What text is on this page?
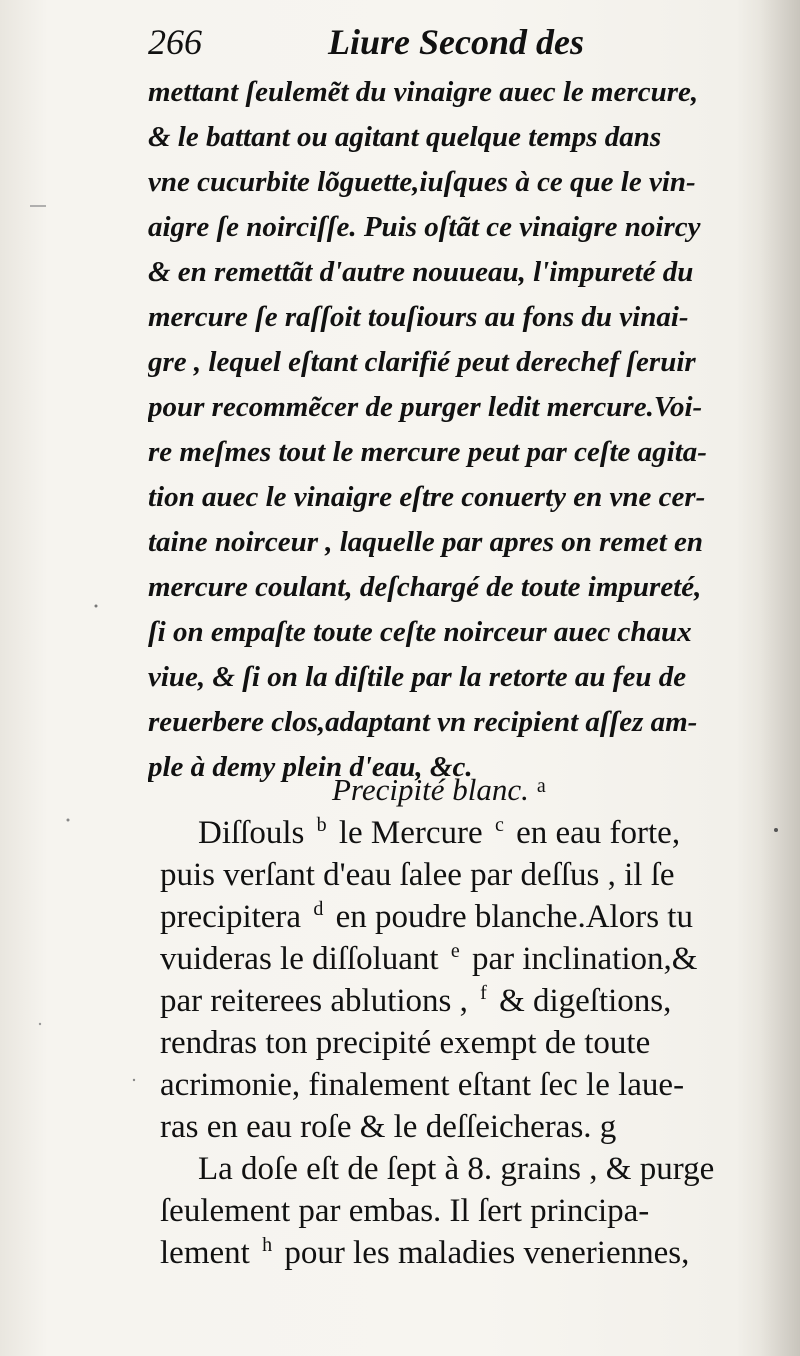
266	Liure Second des
mettant ſeulemẽt du vinaigre auec le mercure,
& le battant ou agitant quelque temps dans
vne cucurbite lõguette,iuſques à ce que le vin-
aigre ſe noirciſſe. Puis oſtãt ce vinaigre noircy
& en remettãt d'autre nouueau, l'impureté du
mercure ſe raſſoit touſiours au fons du vinai-
gre , lequel eſtant clarifié peut derechef ſeruir
pour recommẽcer de purger ledit mercure.Voi-
re meſmes tout le mercure peut par ceſte agita-
tion auec le vinaigre eſtre conuerty en vne cer-
taine noirceur , laquelle par apres on remet en
mercure coulant, deſchargé de toute impureté,
ſi on empaſte toute ceſte noirceur auec chaux
viue, & ſi on la diſtile par la retorte au feu de
reuerbere clos,adaptant vn recipient aſſez am-
ple à demy plein d'eau, &c.
Precipité blanc. $^a$
Diſſouls $^b$ le Mercure $^c$ en eau forte,
puis verſant d'eau ſalee par deſſus , il ſe
precipitera $^d$ en poudre blanche.Alors tu
vuideras le diſſoluant $^e$ par inclination,&
par reiterees ablutions , $^f$ & digeſtions,
rendras ton precipité exempt de toute
acrimonie, finalement eſtant ſec le laue-
ras en eau roſe & le deſſeicheras. g
La doſe eſt de ſept à 8. grains , & purge
ſeulement par embas. Il ſert principa-
lement $^h$ pour les maladies veneriennes,
